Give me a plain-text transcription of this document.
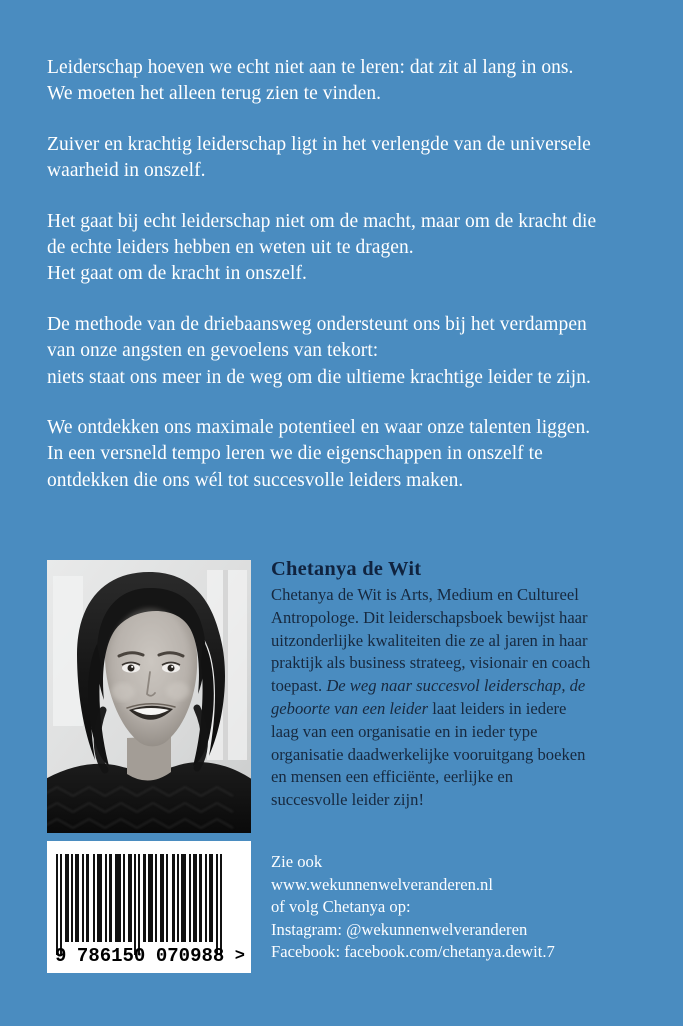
Leiderschap hoeven we echt niet aan te leren: dat zit al lang in ons. We moeten het alleen terug zien te vinden.

Zuiver en krachtig leiderschap ligt in het verlengde van de universele waarheid in onszelf.

Het gaat bij echt leiderschap niet om de macht, maar om de kracht die de echte leiders hebben en weten uit te dragen.
Het gaat om de kracht in onszelf.

De methode van de driebaansweg ondersteunt ons bij het verdampen van onze angsten en gevoelens van tekort:
niets staat ons meer in de weg om die ultieme krachtige leider te zijn.

We ontdekken ons maximale potentieel en waar onze talenten liggen. In een versneld tempo leren we die eigenschappen in onszelf te ontdekken die ons wél tot succesvolle leiders maken.

9 786150 070988 >
Chetanya de Wit

Chetanya de Wit is Arts, Medium en Cultureel Antropologe. Dit leiderschapsboek bewijst haar uitzonderlijke kwaliteiten die ze al jaren in haar praktijk als business strateeg, visionair en coach toepast. De weg naar succesvol leiderschap, de geboorte van een leider laat leiders in iedere laag van een organisatie en in ieder type organisatie daadwerkelijke vooruitgang boeken en mensen een efficiënte, eerlijke en succesvolle leider zijn!

Zie ook

www.wekunnenwelveranderen.nl

of volg Chetanya op:

Instagram: @wekunnenwelveranderen

Facebook: facebook.com/chetanya.dewit.7
